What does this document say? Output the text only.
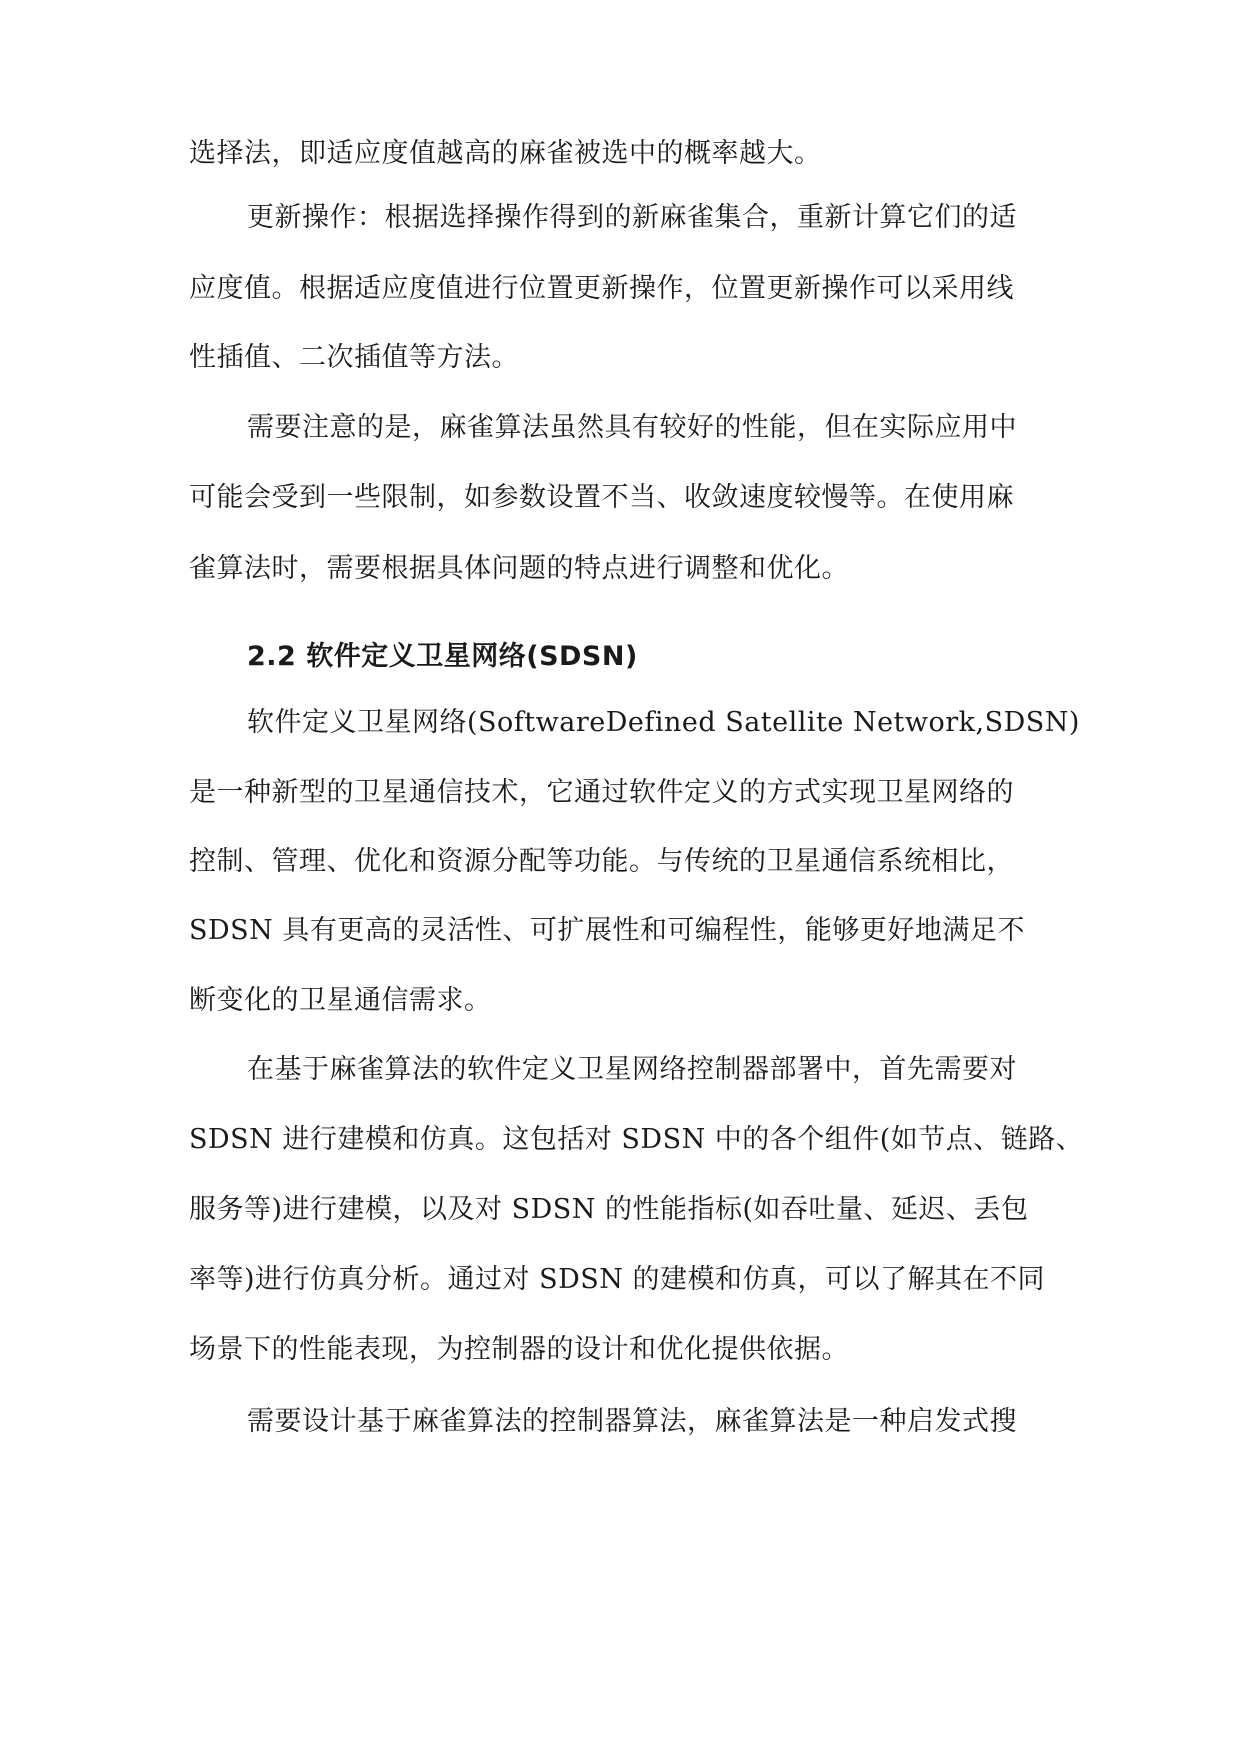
选择法，即适应度值越高的麻雀被选中的概率越大。
更新操作：根据选择操作得到的新麻雀集合，重新计算它们的适
应度值。根据适应度值进行位置更新操作，位置更新操作可以采用线
性插值、二次插值等方法。
需要注意的是，麻雀算法虽然具有较好的性能，但在实际应用中
可能会受到一些限制，如参数设置不当、收敛速度较慢等。在使用麻
雀算法时，需要根据具体问题的特点进行调整和优化。
2.2 软件定义卫星网络(SDSN)
软件定义卫星网络(SoftwareDefined Satellite Network,SDSN)
是一种新型的卫星通信技术，它通过软件定义的方式实现卫星网络的
控制、管理、优化和资源分配等功能。与传统的卫星通信系统相比，
SDSN 具有更高的灵活性、可扩展性和可编程性，能够更好地满足不
断变化的卫星通信需求。
在基于麻雀算法的软件定义卫星网络控制器部署中，首先需要对
SDSN 进行建模和仿真。这包括对 SDSN 中的各个组件(如节点、链路、
服务等)进行建模，以及对 SDSN 的性能指标(如吞吐量、延迟、丢包
率等)进行仿真分析。通过对 SDSN 的建模和仿真，可以了解其在不同
场景下的性能表现，为控制器的设计和优化提供依据。
需要设计基于麻雀算法的控制器算法，麻雀算法是一种启发式搜
